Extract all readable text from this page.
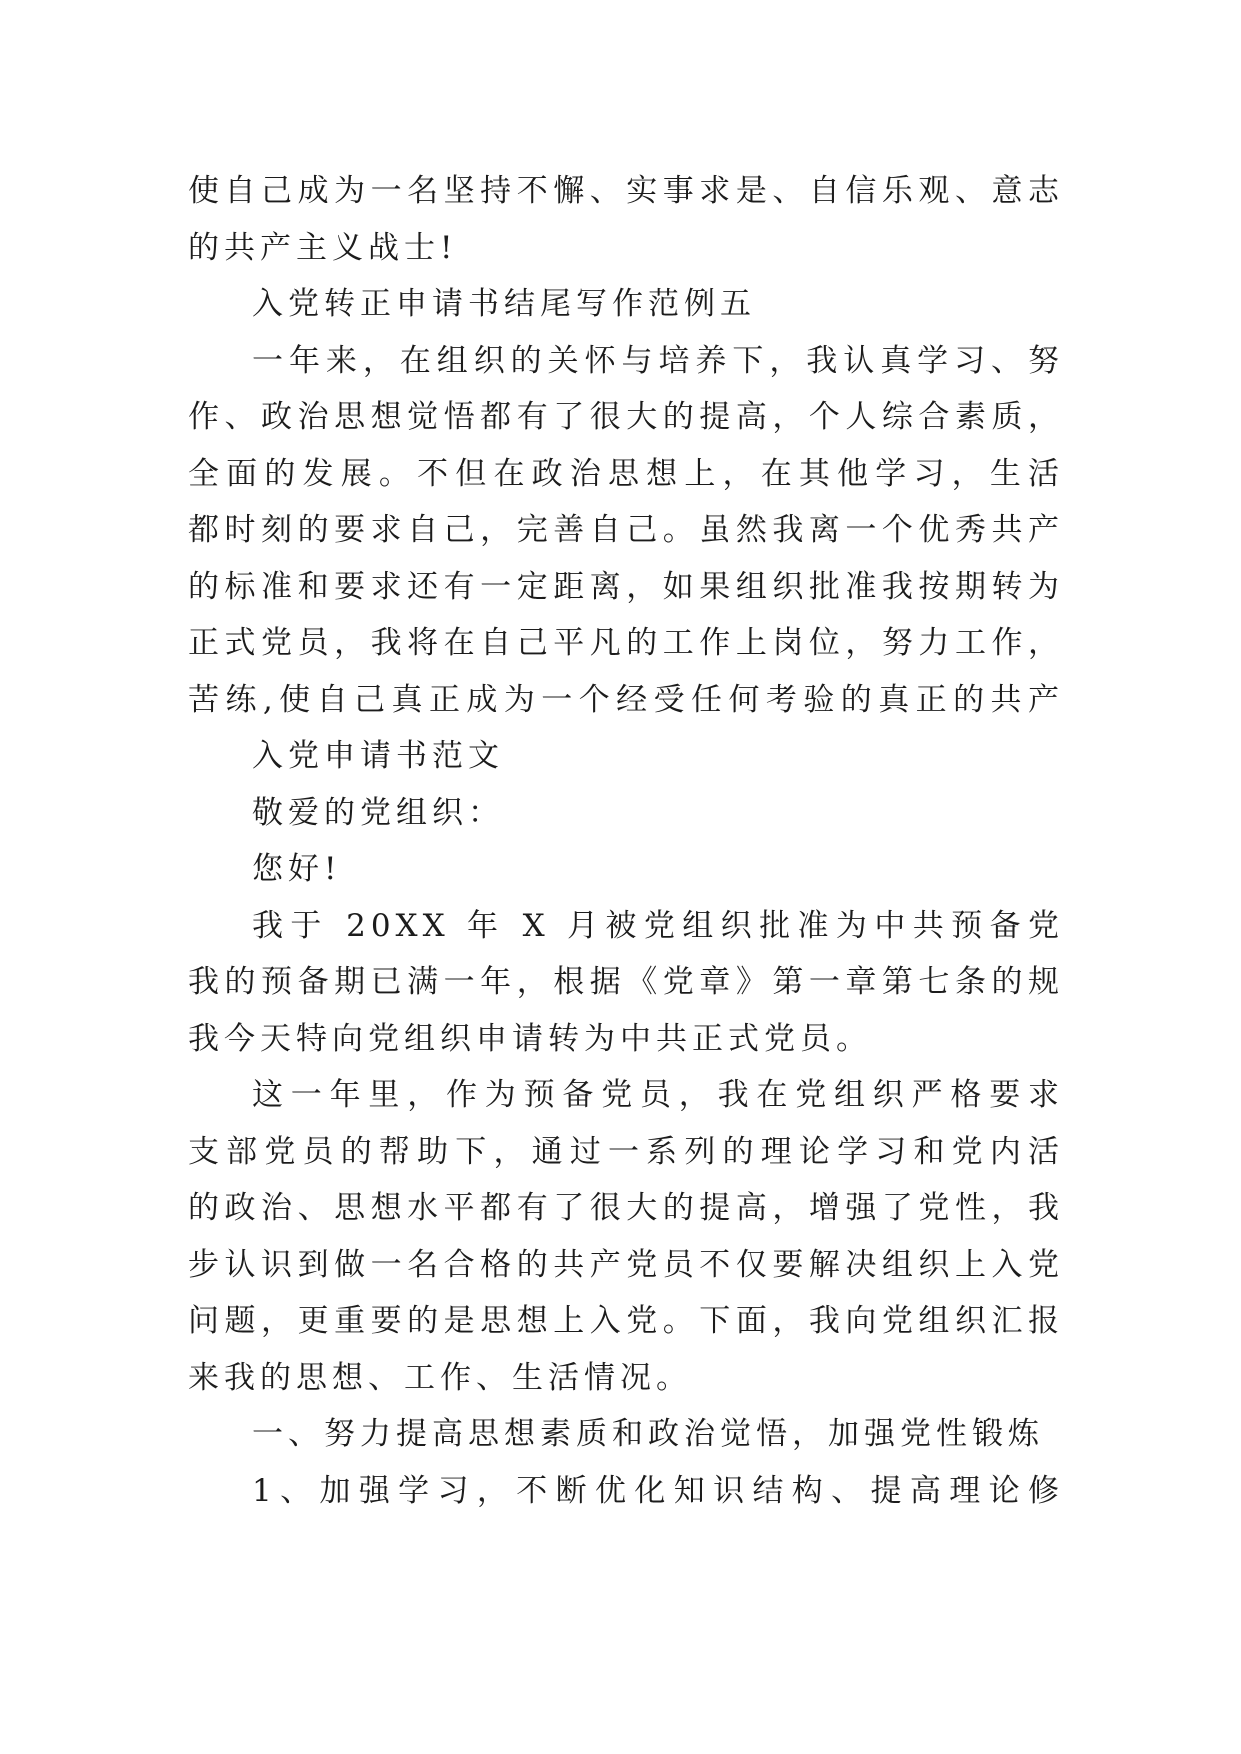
使自己成为一名坚持不懈、实事求是、自信乐观、意志
的共产主义战士!
入党转正申请书结尾写作范例五
一年来，在组织的关怀与培养下，我认真学习、努
作、政治思想觉悟都有了很大的提高，个人综合素质，
全面的发展。不但在政治思想上，在其他学习，生活
都时刻的要求自己，完善自己。虽然我离一个优秀共产
的标准和要求还有一定距离，如果组织批准我按期转为
正式党员，我将在自己平凡的工作上岗位，努力工作，
苦练,使自己真正成为一个经受任何考验的真正的共产
入党申请书范文
敬爱的党组织：
您好!
我于 20XX 年 X 月被党组织批准为中共预备党
我的预备期已满一年，根据《党章》第一章第七条的规
我今天特向党组织申请转为中共正式党员。
这一年里，作为预备党员，我在党组织严格要求
支部党员的帮助下，通过一系列的理论学习和党内活
的政治、思想水平都有了很大的提高，增强了党性，我
步认识到做一名合格的共产党员不仅要解决组织上入党
问题，更重要的是思想上入党。下面，我向党组织汇报
来我的思想、工作、生活情况。
一、努力提高思想素质和政治觉悟，加强党性锻炼
1、加强学习，不断优化知识结构、提高理论修
